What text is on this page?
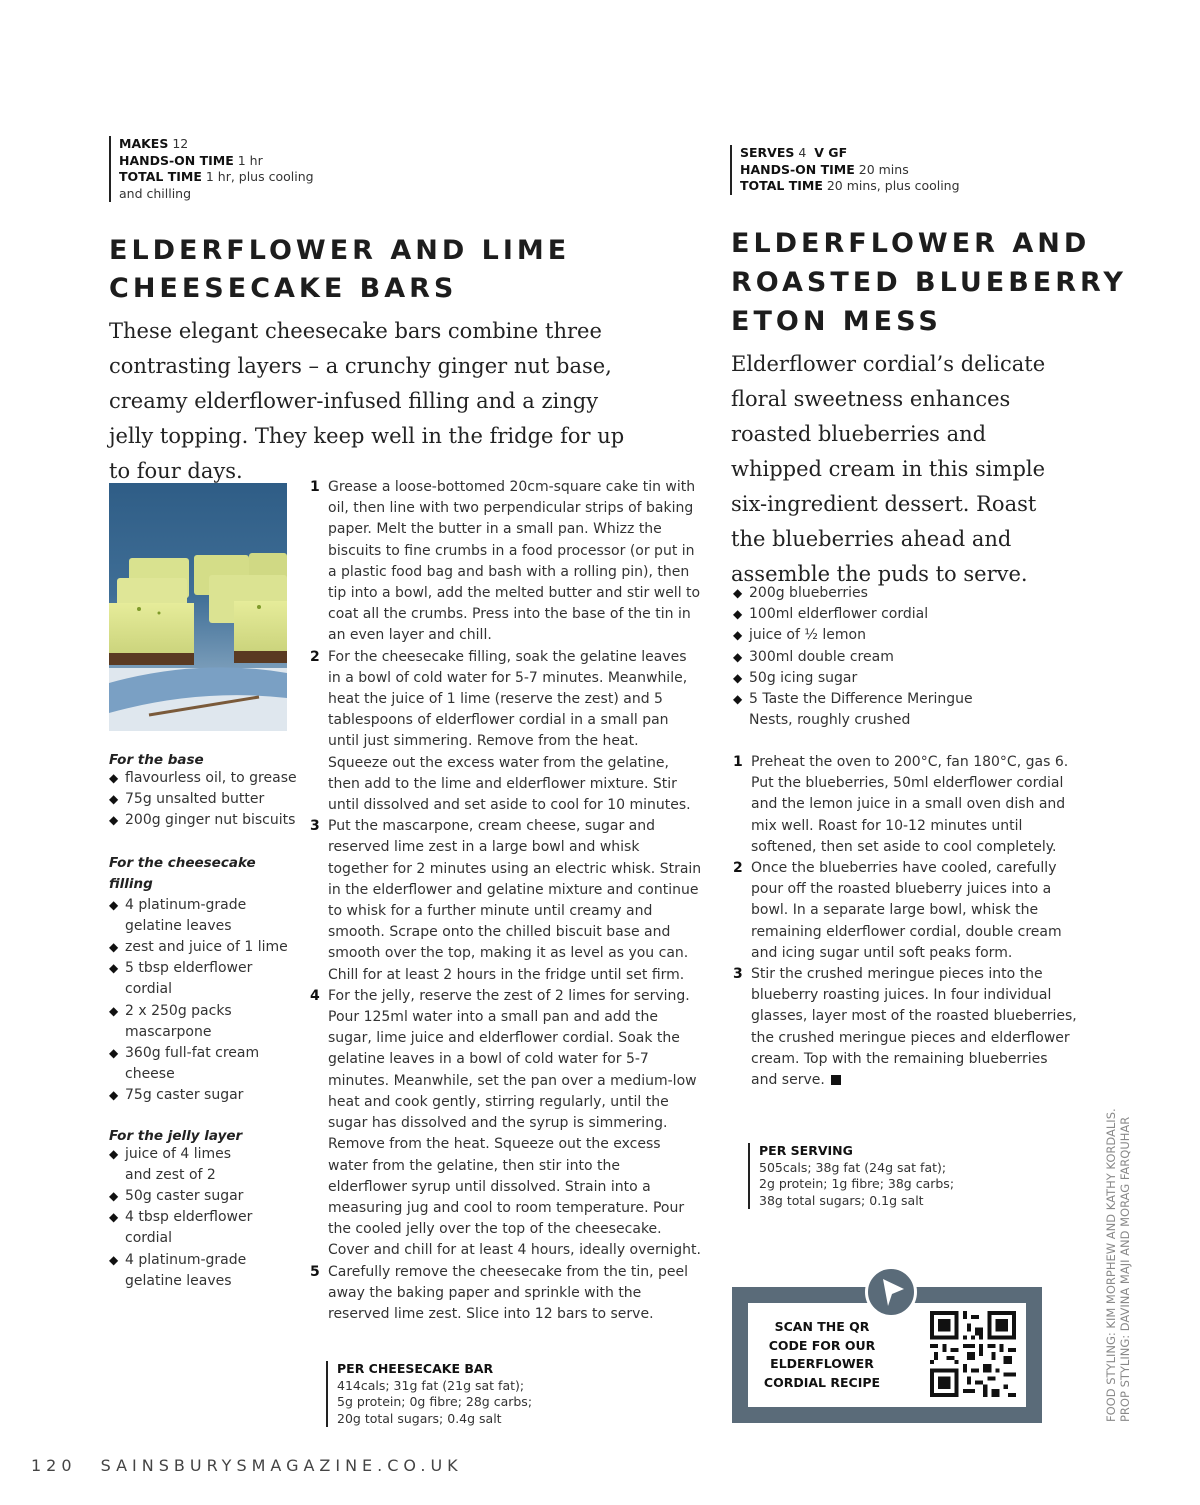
MAKES 12
HANDS-ON TIME 1 hr
TOTAL TIME 1 hr, plus cooling and chilling
ELDERFLOWER AND LIME
CHEESECAKE BARS

These elegant cheesecake bars combine three contrasting layers – a crunchy ginger nut base, creamy elderflower-infused filling and a zingy jelly topping. They keep well in the fridge for up to four days.

For the base
◆ flavourless oil, to grease
◆ 75g unsalted butter
◆ 200g ginger nut biscuits
For the cheesecake filling
◆ 4 platinum-grade gelatine leaves
◆ zest and juice of 1 lime
◆ 5 tbsp elderflower cordial
◆ 2 x 250g packs mascarpone
◆ 360g full-fat cream cheese
◆ 75g caster sugar
For the jelly layer
◆ juice of 4 limes and zest of 2
◆ 50g caster sugar
◆ 4 tbsp elderflower cordial
◆ 4 platinum-grade gelatine leaves
1 Grease a loose-bottomed 20cm-square cake tin with oil, then line with two perpendicular strips of baking paper. Melt the butter in a small pan. Whizz the biscuits to fine crumbs in a food processor (or put in a plastic food bag and bash with a rolling pin), then tip into a bowl, add the melted butter and stir well to coat all the crumbs. Press into the base of the tin in an even layer and chill.
2 For the cheesecake filling, soak the gelatine leaves in a bowl of cold water for 5-7 minutes. Meanwhile, heat the juice of 1 lime (reserve the zest) and 5 tablespoons of elderflower cordial in a small pan until just simmering. Remove from the heat. Squeeze out the excess water from the gelatine, then add to the lime and elderflower mixture. Stir until dissolved and set aside to cool for 10 minutes.
3 Put the mascarpone, cream cheese, sugar and reserved lime zest in a large bowl and whisk together for 2 minutes using an electric whisk. Strain in the elderflower and gelatine mixture and continue to whisk for a further minute until creamy and smooth. Scrape onto the chilled biscuit base and smooth over the top, making it as level as you can. Chill for at least 2 hours in the fridge until set firm.
4 For the jelly, reserve the zest of 2 limes for serving. Pour 125ml water into a small pan and add the sugar, lime juice and elderflower cordial. Soak the gelatine leaves in a bowl of cold water for 5-7 minutes. Meanwhile, set the pan over a medium-low heat and cook gently, stirring regularly, until the sugar has dissolved and the syrup is simmering. Remove from the heat. Squeeze out the excess water from the gelatine, then stir into the elderflower syrup until dissolved. Strain into a measuring jug and cool to room temperature. Pour the cooled jelly over the top of the cheesecake. Cover and chill for at least 4 hours, ideally overnight.
5 Carefully remove the cheesecake from the tin, peel away the baking paper and sprinkle with the reserved lime zest. Slice into 12 bars to serve.
PER CHEESECAKE BAR
414cals; 31g fat (21g sat fat);
5g protein; 0g fibre; 28g carbs;
20g total sugars; 0.4g salt
SERVES 4 V GF
HANDS-ON TIME 20 mins
TOTAL TIME 20 mins, plus cooling
ELDERFLOWER AND
ROASTED BLUEBERRY
ETON MESS

Elderflower cordial’s delicate floral sweetness enhances roasted blueberries and whipped cream in this simple six-ingredient dessert. Roast the blueberries ahead and assemble the puds to serve.

◆ 200g blueberries
◆ 100ml elderflower cordial
◆ juice of ½ lemon
◆ 300ml double cream
◆ 50g icing sugar
◆ 5 Taste the Difference Meringue Nests, roughly crushed
1 Preheat the oven to 200°C, fan 180°C, gas 6. Put the blueberries, 50ml elderflower cordial and the lemon juice in a small oven dish and mix well. Roast for 10-12 minutes until softened, then set aside to cool completely.
2 Once the blueberries have cooled, carefully pour off the roasted blueberry juices into a bowl. In a separate large bowl, whisk the remaining elderflower cordial, double cream and icing sugar until soft peaks form.
3 Stir the crushed meringue pieces into the blueberry roasting juices. In four individual glasses, layer most of the roasted blueberries, the crushed meringue pieces and elderflower cream. Top with the remaining blueberries and serve.
PER SERVING
505cals; 38g fat (24g sat fat);
2g protein; 1g fibre; 38g carbs;
38g total sugars; 0.1g salt
SCAN THE QR
CODE FOR OUR
ELDERFLOWER
CORDIAL RECIPE	FOOD STYLING: KIM MORPHEW AND KATHY KORDALIS. PROP STYLING: DAVINA MAJI AND MORAG FARQUHAR
120 SAINSBURYSMAGAZINE.CO.UK
